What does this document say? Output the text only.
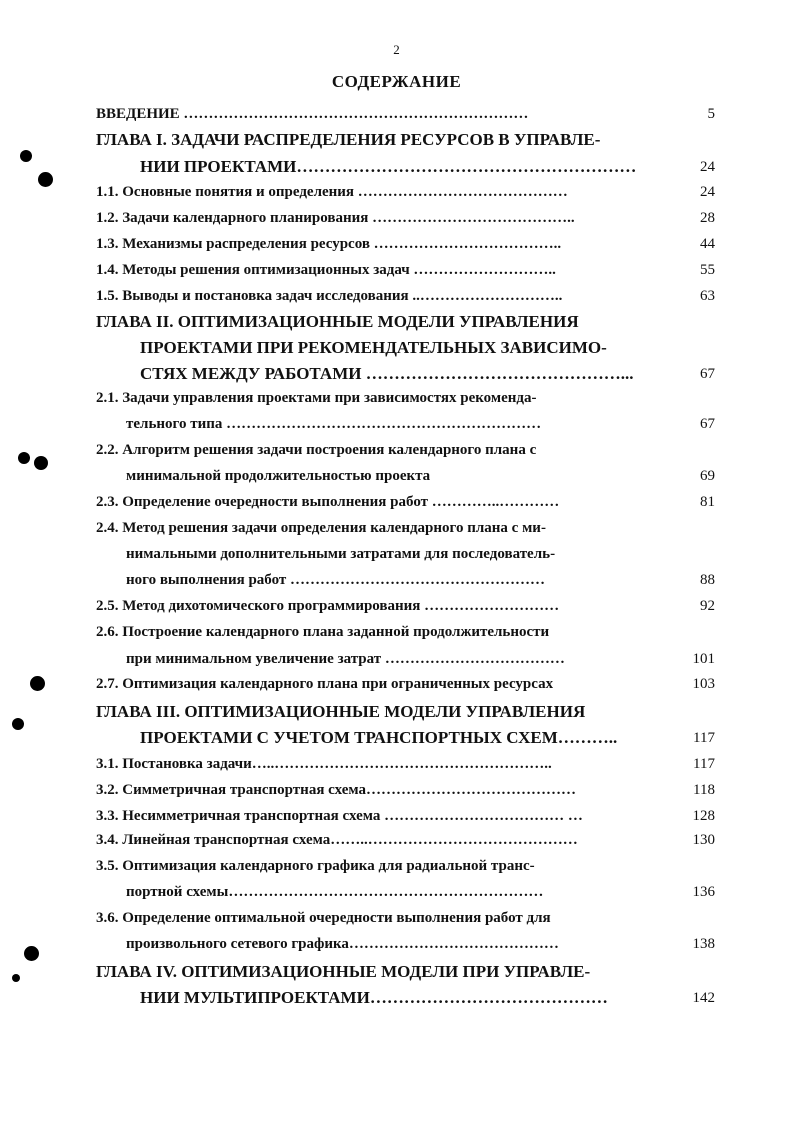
2
СОДЕРЖАНИЕ
ВВЕДЕНИЕ ……………………………………………………………	5
ГЛАВА I. ЗАДАЧИ РАСПРЕДЕЛЕНИЯ РЕСУРСОВ В УПРАВЛЕ-
НИИ ПРОЕКТАМИ……………………………………………………	24
1.1. Основные понятия и определения ……………………………………	24
1.2. Задачи календарного планирования …………………………………..	28
1.3. Механизмы распределения ресурсов ………………………………..	44
1.4. Методы решения оптимизационных задач ………………………..	55
1.5. Выводы и постановка задач исследования ..………………………..	63
ГЛАВА II. ОПТИМИЗАЦИОННЫЕ МОДЕЛИ УПРАВЛЕНИЯ
ПРОЕКТАМИ ПРИ РЕКОМЕНДАТЕЛЬНЫХ ЗАВИСИМО-
СТЯХ МЕЖДУ РАБОТАМИ ………………………………………...	67
2.1. Задачи управления проектами при зависимостях рекоменда-
тельного типа ………………………………………………………	67
2.2. Алгоритм решения задачи построения календарного плана с
минимальной продолжительностью проекта	69
2.3. Определение очередности выполнения работ …………..…………	81
2.4. Метод решения задачи определения календарного плана с ми-
нимальными дополнительными затратами для последователь-
ного выполнения работ ……………………………………………	88
2.5. Метод дихотомического программирования ………………………	92
2.6. Построение календарного плана заданной продолжительности
при минимальном увеличение затрат ………………………………	101
2.7. Оптимизация календарного плана при ограниченных ресурсах	103
ГЛАВА III. ОПТИМИЗАЦИОННЫЕ МОДЕЛИ УПРАВЛЕНИЯ
ПРОЕКТАМИ С УЧЕТОМ ТРАНСПОРТНЫХ СХЕМ………..	117
3.1. Постановка задачи…..………………………………………………..	117
3.2. Симметричная транспортная схема……………………………………	118
3.3. Несимметричная транспортная схема ……………………………… …	128
3.4. Линейная транспортная схема……..……………………………………	130
3.5. Оптимизация календарного графика для радиальной транс-
портной схемы………………………………………………………	136
3.6. Определение оптимальной очередности выполнения работ для
произвольного сетевого графика……………………………………	138
ГЛАВА IV. ОПТИМИЗАЦИОННЫЕ МОДЕЛИ ПРИ УПРАВЛЕ-
НИИ МУЛЬТИПРОЕКТАМИ……………………………………	142
